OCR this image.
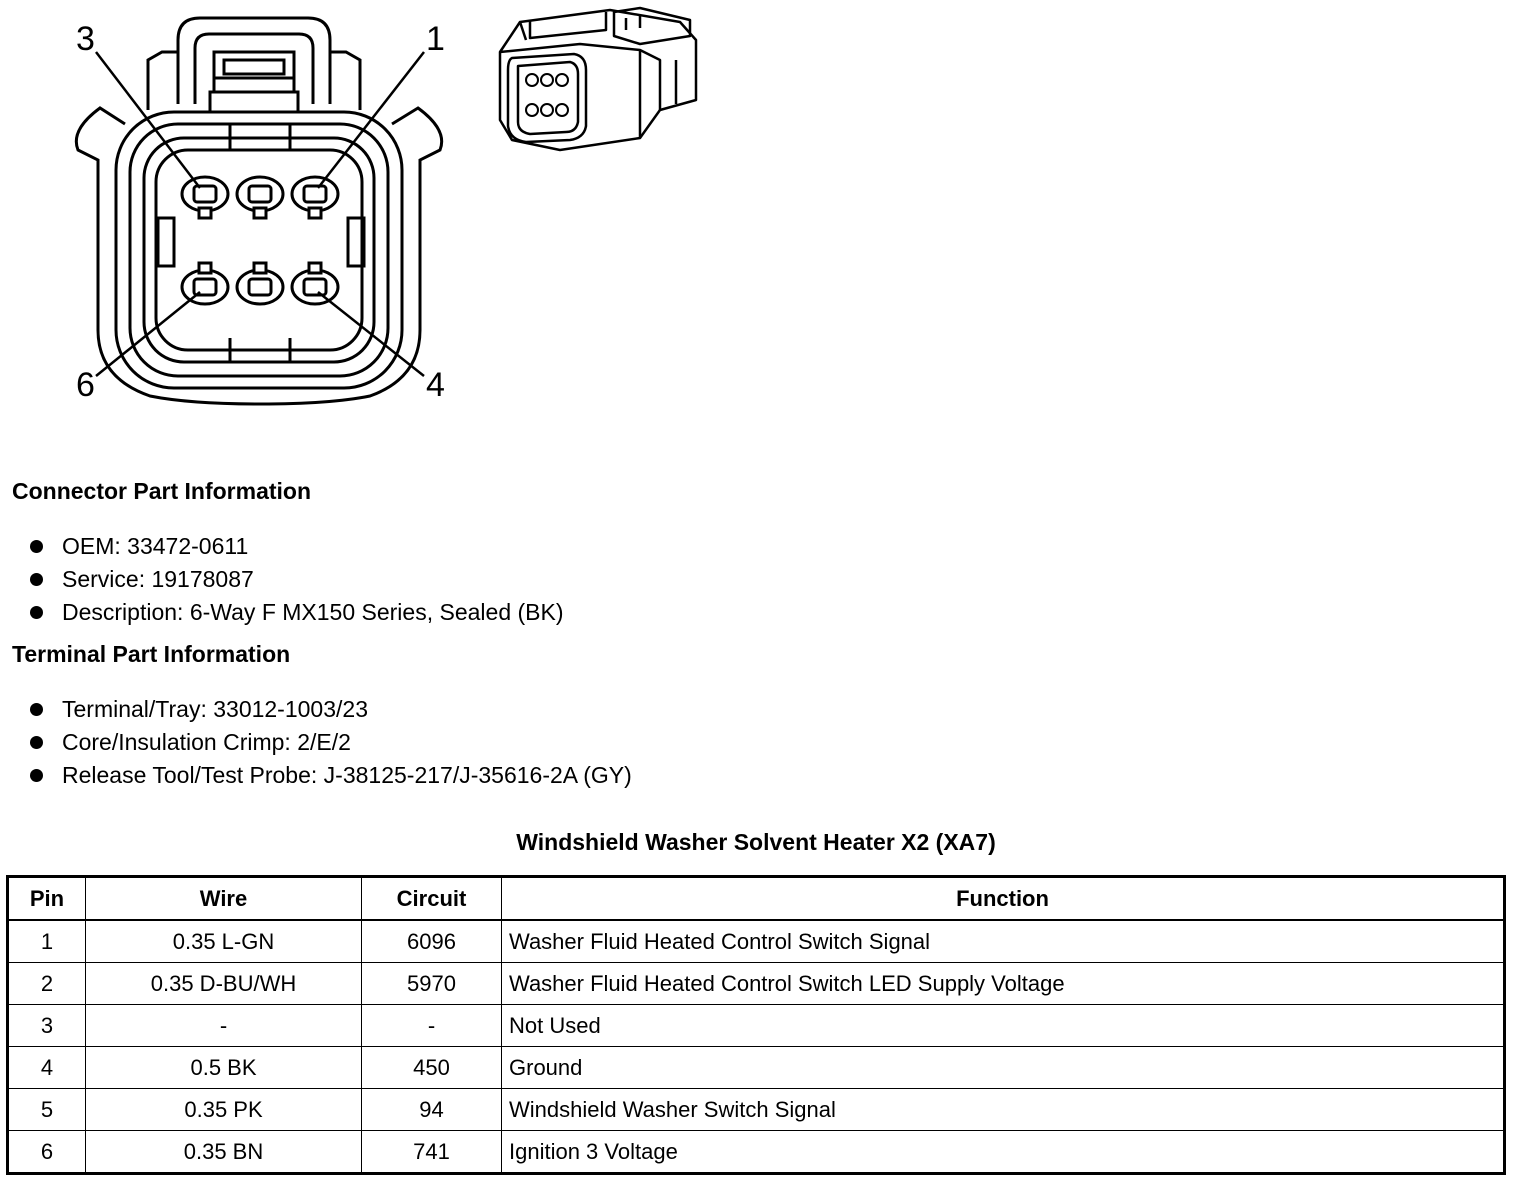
3	1
6	4
Connector Part Information
OEM: 33472-0611
Service: 19178087
Description: 6-Way F MX150 Series, Sealed (BK)
Terminal Part Information
Terminal/Tray: 33012-1003/23
Core/Insulation Crimp: 2/E/2
Release Tool/Test Probe: J-38125-217/J-35616-2A (GY)
Windshield Washer Solvent Heater X2 (XA7)
Pin	Wire	Circuit	Function
1	0.35 L-GN	6096	Washer Fluid Heated Control Switch Signal
2	0.35 D-BU/WH	5970	Washer Fluid Heated Control Switch LED Supply Voltage
3	-	-	Not Used
4	0.5 BK	450	Ground
5	0.35 PK	94	Windshield Washer Switch Signal
6	0.35 BN	741	Ignition 3 Voltage
